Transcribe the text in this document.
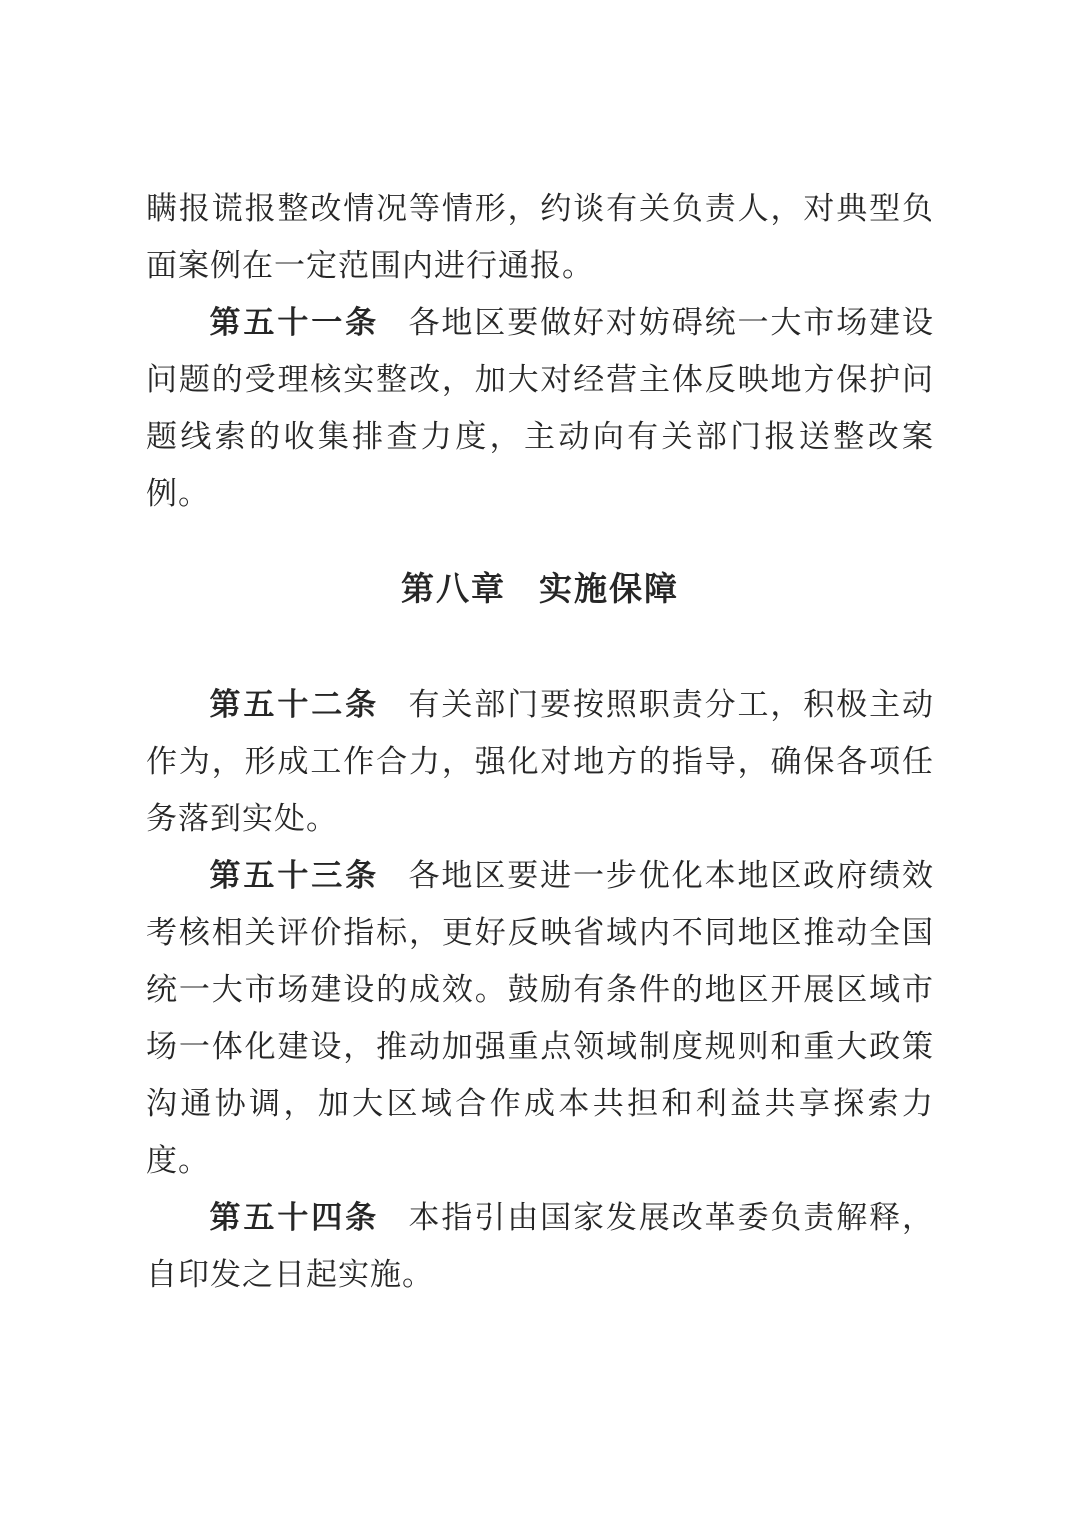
瞒报谎报整改情况等情形，约谈有关负责人，对典型负面案例在一定范围内进行通报。

第五十一条 各地区要做好对妨碍统一大市场建设问题的受理核实整改，加大对经营主体反映地方保护问题线索的收集排查力度，主动向有关部门报送整改案例。

第八章 实施保障

第五十二条 有关部门要按照职责分工，积极主动作为，形成工作合力，强化对地方的指导，确保各项任务落到实处。

第五十三条 各地区要进一步优化本地区政府绩效考核相关评价指标，更好反映省域内不同地区推动全国统一大市场建设的成效。鼓励有条件的地区开展区域市场一体化建设，推动加强重点领域制度规则和重大政策沟通协调，加大区域合作成本共担和利益共享探索力度。

第五十四条 本指引由国家发展改革委负责解释，自印发之日起实施。
